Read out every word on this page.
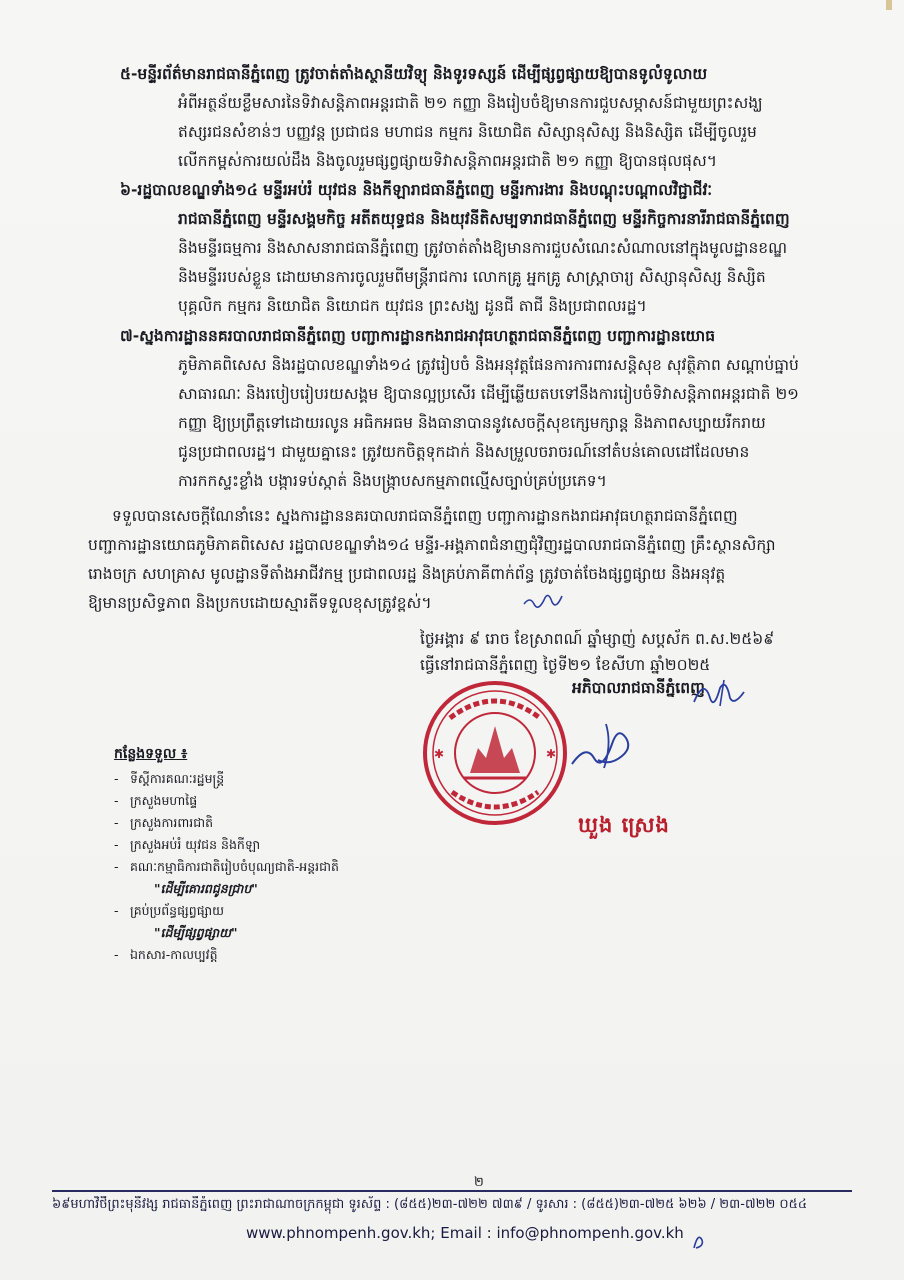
៥-មន្ទីរព័ត៌មានរាជធានីភ្នំពេញ ត្រូវចាត់តាំងស្ថានីយវិទ្យុ និងទូរទស្សន៍ ដើម្បីផ្សព្វផ្សាយឱ្យបានទូលំទូលាយ
អំពីអត្ថន័យខ្លឹមសារនៃទិវាសន្តិភាពអន្តរជាតិ ២១ កញ្ញា និងរៀបចំឱ្យមានការជួបសម្ភាសន៍ជាមួយព្រះសង្ឃ
ឥស្សរជនសំខាន់ៗ បញ្ញវន្ត ប្រជាជន មហាជន កម្មករ និយោជិត សិស្សានុសិស្ស និងនិស្សិត ដើម្បីចូលរួម
លើកកម្ពស់ការយល់ដឹង និងចូលរួមផ្សព្វផ្សាយទិវាសន្តិភាពអន្តរជាតិ ២១ កញ្ញា ឱ្យបានផុលផុស។
៦-រដ្ឋបាលខណ្ឌទាំង១៤ មន្ទីរអប់រំ យុវជន និងកីឡារាជធានីភ្នំពេញ មន្ទីរការងារ និងបណ្តុះបណ្តាលវិជ្ជាជីវៈ
រាជធានីភ្នំពេញ មន្ទីរសង្គមកិច្ច អតីតយុទ្ធជន និងយុវនីតិសម្បទារាជធានីភ្នំពេញ មន្ទីរកិច្ចការនារីរាជធានីភ្នំពេញ
និងមន្ទីរធម្មការ និងសាសនារាជធានីភ្នំពេញ ត្រូវចាត់តាំងឱ្យមានការជួបសំណេះសំណាលនៅក្នុងមូលដ្ឋានខណ្ឌ
និងមន្ទីររបស់ខ្លួន ដោយមានការចូលរួមពីមន្ត្រីរាជការ លោកគ្រូ អ្នកគ្រូ សាស្ត្រាចារ្យ សិស្សានុសិស្ស និស្សិត
បុគ្គលិក កម្មករ និយោជិត និយោជក យុវជន ព្រះសង្ឃ ដូនជី តាជី និងប្រជាពលរដ្ឋ។
៧-ស្នងការដ្ឋាននគរបាលរាជធានីភ្នំពេញ បញ្ជាការដ្ឋានកងរាជអាវុធហត្ថរាជធានីភ្នំពេញ បញ្ជាការដ្ឋានយោធ
ភូមិភាគពិសេស និងរដ្ឋបាលខណ្ឌទាំង១៤ ត្រូវរៀបចំ និងអនុវត្តផែនការការពារសន្តិសុខ សុវត្ថិភាព សណ្តាប់ធ្នាប់
សាធារណៈ និងរបៀបរៀបរយសង្គម ឱ្យបានល្អប្រសើរ ដើម្បីឆ្លើយតបទៅនឹងការរៀបចំទិវាសន្តិភាពអន្តរជាតិ ២១
កញ្ញា ឱ្យប្រព្រឹត្តទៅដោយរលូន អធិកអធម និងធានាបាននូវសេចក្តីសុខក្សេមក្សាន្ត និងភាពសប្បាយរីករាយ
ជូនប្រជាពលរដ្ឋ។ ជាមួយគ្នានេះ ត្រូវយកចិត្តទុកដាក់ និងសម្រួលចរាចរណ៍នៅតំបន់គោលដៅដែលមាន
ការកកស្ទះខ្លាំង បង្ការទប់ស្កាត់ និងបង្ក្រាបសកម្មភាពល្មើសច្បាប់គ្រប់ប្រភេទ។
ទទួលបានសេចក្តីណែនាំនេះ ស្នងការដ្ឋាននគរបាលរាជធានីភ្នំពេញ បញ្ជាការដ្ឋានកងរាជអាវុធហត្ថរាជធានីភ្នំពេញ
បញ្ជាការដ្ឋានយោធភូមិភាគពិសេស រដ្ឋបាលខណ្ឌទាំង១៤ មន្ទីរ-អង្គភាពជំនាញជុំវិញរដ្ឋបាលរាជធានីភ្នំពេញ គ្រឹះស្ថានសិក្សា
រោងចក្រ សហគ្រាស មូលដ្ឋានទីតាំងអាជីវកម្ម ប្រជាពលរដ្ឋ និងគ្រប់ភាគីពាក់ព័ន្ធ ត្រូវចាត់ចែងផ្សព្វផ្សាយ និងអនុវត្ត
ឱ្យមានប្រសិទ្ធភាព និងប្រកបដោយស្មារតីទទួលខុសត្រូវខ្ពស់។
ថ្ងៃអង្គារ ៩ រោច ខែស្រាពណ៍ ឆ្នាំម្សាញ់ សប្តស័ក ព.ស.២៥៦៩
ធ្វើនៅរាជធានីភ្នំពេញ ថ្ងៃទី២១ ខែសីហា ឆ្នាំ២០២៥
អភិបាលរាជធានីភ្នំពេញ
✱	✱
ឃួង ស្រេង
កន្លែងទទួល ៖
- ទីស្តីការគណៈរដ្ឋមន្ត្រី
- ក្រសួងមហាផ្ទៃ
- ក្រសួងការពារជាតិ
- ក្រសួងអប់រំ យុវជន និងកីឡា
- គណៈកម្មាធិការជាតិរៀបចំបុណ្យជាតិ-អន្តរជាតិ
"ដើម្បីគោរពជូនជ្រាប"
- គ្រប់ប្រព័ន្ធផ្សព្វផ្សាយ
"ដើម្បីផ្សព្វផ្សាយ"
- ឯកសារ-កាលប្បវត្តិ
២
៦៩មហាវិថីព្រះមុនីវង្ស រាជធានីភ្នំពេញ ព្រះរាជាណាចក្រកម្ពុជា ទូរស័ព្ទ : (៨៥៥)២៣-៧២២ ៧៣៩ / ទូរសារ : (៨៥៥)២៣-៧២៥ ៦២៦ / ២៣-៧២២ ០៥៤
www.phnompenh.gov.kh; Email : info@phnompenh.gov.kh
